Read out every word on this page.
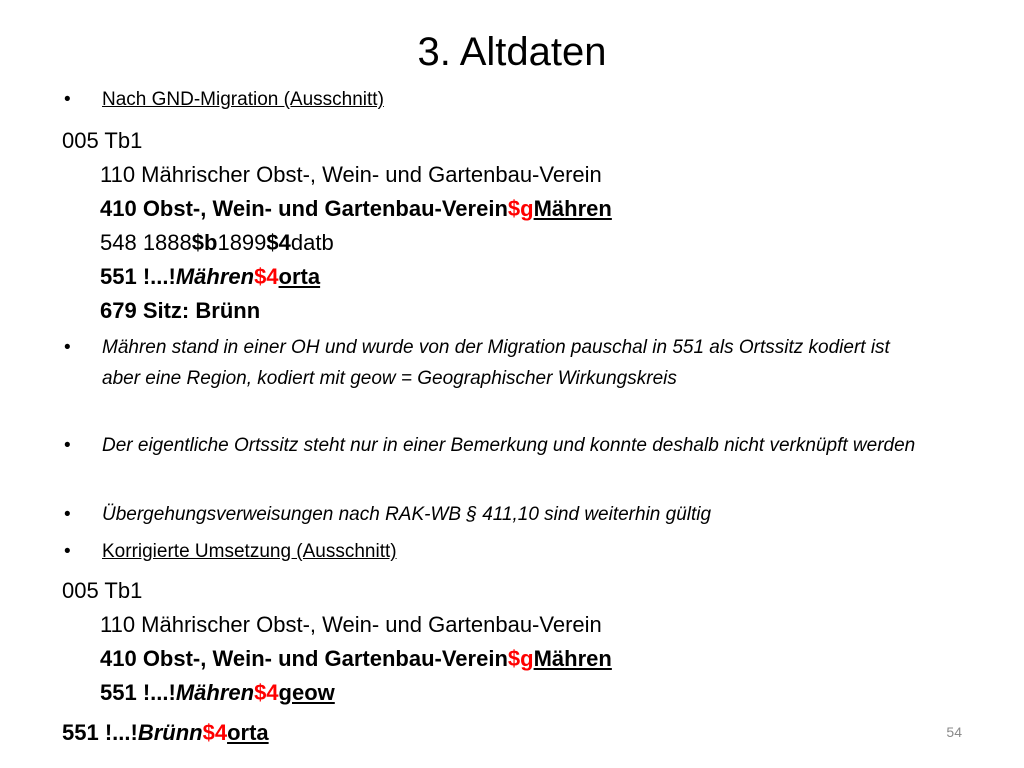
3. Altdaten
• Nach GND-Migration (Ausschnitt)
005 Tb1
110 Mährischer Obst-, Wein- und Gartenbau-Verein
410 Obst-, Wein- und Gartenbau-Verein$gMähren
548 1888$b1899$4datb
551 !...!Mähren$4orta
679 Sitz: Brünn
• Mähren stand in einer OH und wurde von der Migration pauschal in 551 als Ortssitz kodiert ist aber eine Region, kodiert mit geow = Geographischer Wirkungskreis
• Der eigentliche Ortssitz steht nur in einer Bemerkung und konnte deshalb nicht verknüpft werden
• Übergehungsverweisungen nach RAK-WB § 411,10 sind weiterhin gültig
• Korrigierte Umsetzung (Ausschnitt)
005 Tb1
110 Mährischer Obst-, Wein- und Gartenbau-Verein
410 Obst-, Wein- und Gartenbau-Verein$gMähren
551 !...!Mähren$4geow
551 !...!Brünn$4orta	54
